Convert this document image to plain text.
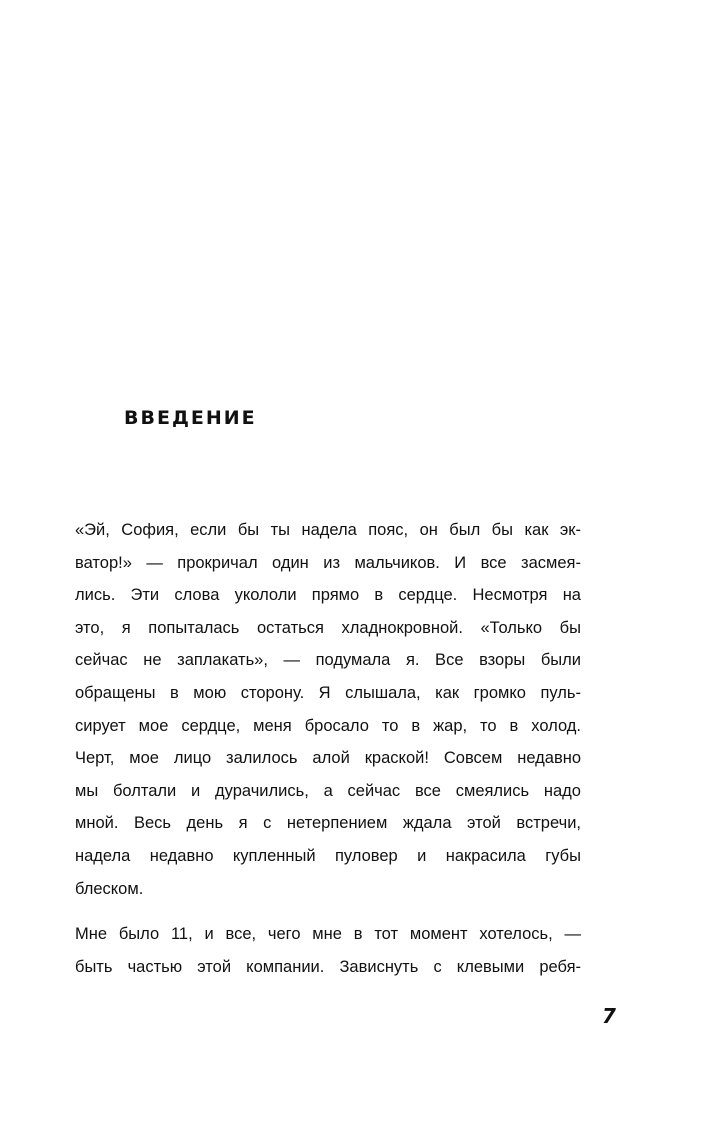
ВВЕДЕНИЕ
«Эй, София, если бы ты надела пояс, он был бы как эк-
ватор!» — прокричал один из мальчиков. И все засмея-
лись. Эти слова укололи прямо в сердце. Несмотря на
это, я попыталась остаться хладнокровной. «Только бы
сейчас не заплакать», — подумала я. Все взоры были
обращены в мою сторону. Я слышала, как громко пуль-
сирует мое сердце, меня бросало то в жар, то в холод.
Черт, мое лицо залилось алой краской! Совсем недавно
мы болтали и дурачились, а сейчас все смеялись надо
мной. Весь день я с нетерпением ждала этой встречи,
надела недавно купленный пуловер и накрасила губы
блеском.
Мне было 11, и все, чего мне в тот момент хотелось, —
быть частью этой компании. Зависнуть с клевыми ребя-
7
